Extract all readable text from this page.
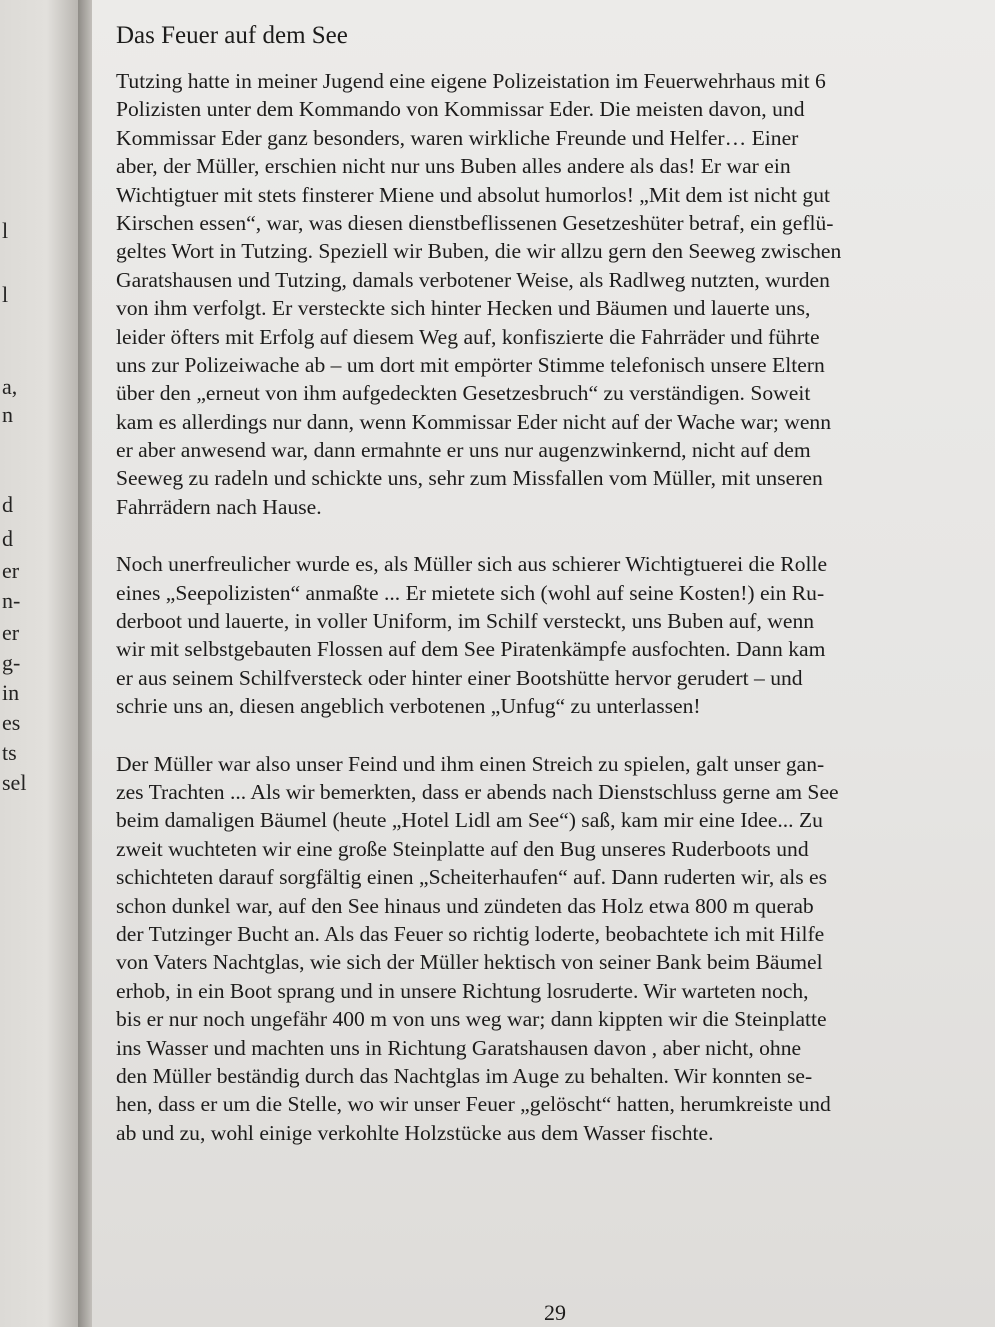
l
l
a,
n
d
d
er
n-
er
g-
in
es
ts
sel
Das Feuer auf dem See
Tutzing hatte in meiner Jugend eine eigene Polizeistation im Feuerwehrhaus mit 6
Polizisten unter dem Kommando von Kommissar Eder. Die meisten davon, und
Kommissar Eder ganz besonders, waren wirkliche Freunde und Helfer… Einer
aber, der Müller, erschien nicht nur uns Buben alles andere als das! Er war ein
Wichtigtuer mit stets finsterer Miene und absolut humorlos! „Mit dem ist nicht gut
Kirschen essen“, war, was diesen dienstbeflissenen Gesetzeshüter betraf, ein geflü-
geltes Wort in Tutzing. Speziell wir Buben, die wir allzu gern den Seeweg zwischen
Garatshausen und Tutzing, damals verbotener Weise, als Radlweg nutzten, wurden
von ihm verfolgt. Er versteckte sich hinter Hecken und Bäumen und lauerte uns,
leider öfters mit Erfolg auf diesem Weg auf, konfiszierte die Fahrräder und führte
uns zur Polizeiwache ab – um dort mit empörter Stimme telefonisch unsere Eltern
über den „erneut von ihm aufgedeckten Gesetzesbruch“ zu verständigen. Soweit
kam es allerdings nur dann, wenn Kommissar Eder nicht auf der Wache war; wenn
er aber anwesend war, dann ermahnte er uns nur augenzwinkernd, nicht auf dem
Seeweg zu radeln und schickte uns, sehr zum Missfallen vom Müller, mit unseren
Fahrrädern nach Hause.
Noch unerfreulicher wurde es, als Müller sich aus schierer Wichtigtuerei die Rolle
eines „Seepolizisten“ anmaßte ... Er mietete sich (wohl auf seine Kosten!) ein Ru-
derboot und lauerte, in voller Uniform, im Schilf versteckt, uns Buben auf, wenn
wir mit selbstgebauten Flossen auf dem See Piratenkämpfe ausfochten. Dann kam
er aus seinem Schilfversteck oder hinter einer Bootshütte hervor gerudert – und
schrie uns an, diesen angeblich verbotenen „Unfug“ zu unterlassen!
Der Müller war also unser Feind und ihm einen Streich zu spielen, galt unser gan-
zes Trachten ... Als wir bemerkten, dass er abends nach Dienstschluss gerne am See
beim damaligen Bäumel (heute „Hotel Lidl am See“) saß, kam mir eine Idee... Zu
zweit wuchteten wir eine große Steinplatte auf den Bug unseres Ruderboots und
schichteten darauf sorgfältig einen „Scheiterhaufen“ auf. Dann ruderten wir, als es
schon dunkel war, auf den See hinaus und zündeten das Holz etwa 800 m querab
der Tutzinger Bucht an. Als das Feuer so richtig loderte, beobachtete ich mit Hilfe
von Vaters Nachtglas, wie sich der Müller hektisch von seiner Bank beim Bäumel
erhob, in ein Boot sprang und in unsere Richtung losruderte. Wir warteten noch,
bis er nur noch ungefähr 400 m von uns weg war; dann kippten wir die Steinplatte
ins Wasser und machten uns in Richtung Garatshausen davon , aber nicht, ohne
den Müller beständig durch das Nachtglas im Auge zu behalten. Wir konnten se-
hen, dass er um die Stelle, wo wir unser Feuer „gelöscht“ hatten, herumkreiste und
ab und zu, wohl einige verkohlte Holzstücke aus dem Wasser fischte.
29
